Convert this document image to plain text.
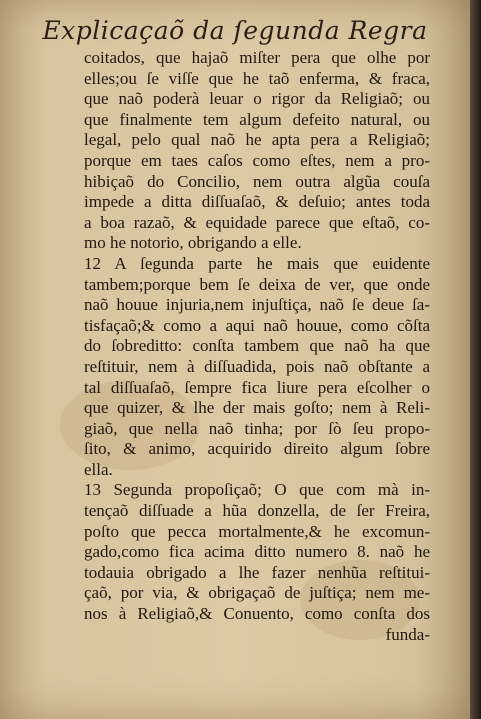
Explicaçaõ da ſegunda Regra
coitados, que hajaõ miſter pera que olhe por
elles;ou ſe viſſe que he taõ enferma, & fraca,
que naõ poderà leuar o rigor da Religiaõ; ou
que finalmente tem algum defeito natural, ou
legal, pelo qual naõ he apta pera a Religiaõ;
porque em taes caſos como eſtes, nem a pro-
hibiçaõ do Concilio, nem outra algũa couſa
impede a ditta diſſuaſaõ, & deſuio; antes toda
a boa razaõ, & equidade parece que eſtaõ, co-
mo he notorio, obrigando a elle.
12 A ſegunda parte he mais que euidente
tambem;porque bem ſe deixa de ver, que onde
naõ houue injuria,nem injuſtiça, naõ ſe deue ſa-
tisfaçaõ;& como a aqui naõ houue, como cõſta
do ſobreditto: conſta tambem que naõ ha que
reſtituir, nem à diſſuadida, pois naõ obſtante a
tal diſſuaſaõ, ſempre fica liure pera eſcolher o
que quizer, & lhe der mais goſto; nem à Reli-
giaõ, que nella naõ tinha; por ſò ſeu propo-
ſito, & animo, acquirido direito algum ſobre
ella.
13 Segunda propoſiçaõ; O que com mà in-
tençaõ diſſuade a hũa donzella, de ſer Freira,
poſto que pecca mortalmente,& he excomun-
gado,como fica acima ditto numero 8. naõ he
todauia obrigado a lhe fazer nenhũa reſtitui-
çaõ, por via, & obrigaçaõ de juſtiça; nem me-
nos à Religiaõ,& Conuento, como conſta dos
funda-
